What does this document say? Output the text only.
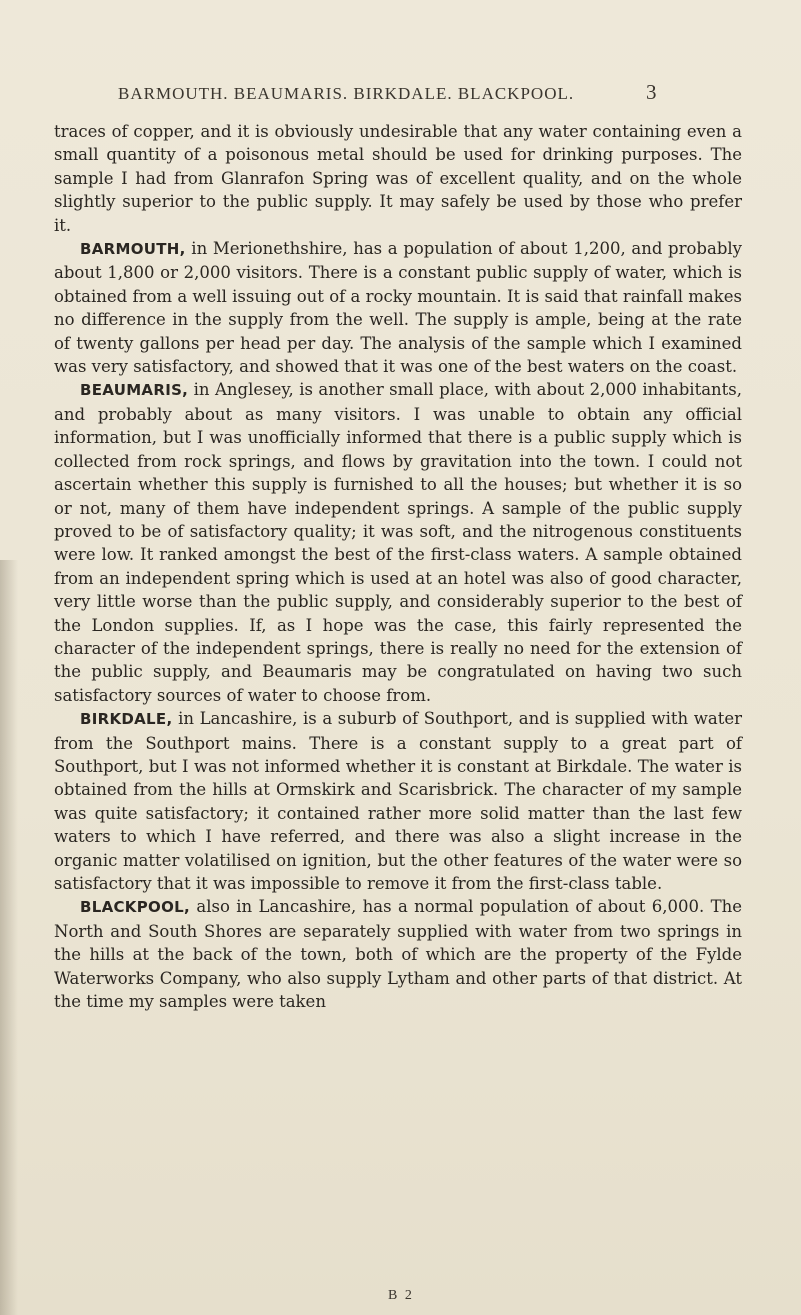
BARMOUTH. BEAUMARIS. BIRKDALE. BLACKPOOL.	3

traces of copper, and it is obviously undesirable that any water containing even a small quantity of a poisonous metal should be used for drinking purposes. The sample I had from Glanrafon Spring was of excellent quality, and on the whole slightly superior to the public supply. It may safely be used by those who prefer it.

BARMOUTH, in Merionethshire, has a population of about 1,200, and probably about 1,800 or 2,000 visitors. There is a constant public supply of water, which is obtained from a well issuing out of a rocky mountain. It is said that rainfall makes no difference in the supply from the well. The supply is ample, being at the rate of twenty gallons per head per day. The analysis of the sample which I examined was very satisfactory, and showed that it was one of the best waters on the coast.

BEAUMARIS, in Anglesey, is another small place, with about 2,000 inhabitants, and probably about as many visitors. I was unable to obtain any official information, but I was unofficially informed that there is a public supply which is collected from rock springs, and flows by gravitation into the town. I could not ascertain whether this supply is furnished to all the houses; but whether it is so or not, many of them have independent springs. A sample of the public supply proved to be of satisfactory quality; it was soft, and the nitrogenous constituents were low. It ranked amongst the best of the first-class waters. A sample obtained from an independent spring which is used at an hotel was also of good character, very little worse than the public supply, and considerably superior to the best of the London supplies. If, as I hope was the case, this fairly represented the character of the independent springs, there is really no need for the extension of the public supply, and Beaumaris may be congratulated on having two such satisfactory sources of water to choose from.

BIRKDALE, in Lancashire, is a suburb of Southport, and is supplied with water from the Southport mains. There is a constant supply to a great part of Southport, but I was not informed whether it is constant at Birkdale. The water is obtained from the hills at Ormskirk and Scarisbrick. The character of my sample was quite satisfactory; it contained rather more solid matter than the last few waters to which I have referred, and there was also a slight increase in the organic matter volatilised on ignition, but the other features of the water were so satisfactory that it was impossible to remove it from the first-class table.

BLACKPOOL, also in Lancashire, has a normal population of about 6,000. The North and South Shores are separately supplied with water from two springs in the hills at the back of the town, both of which are the property of the Fylde Waterworks Company, who also supply Lytham and other parts of that district. At the time my samples were taken

B 2
